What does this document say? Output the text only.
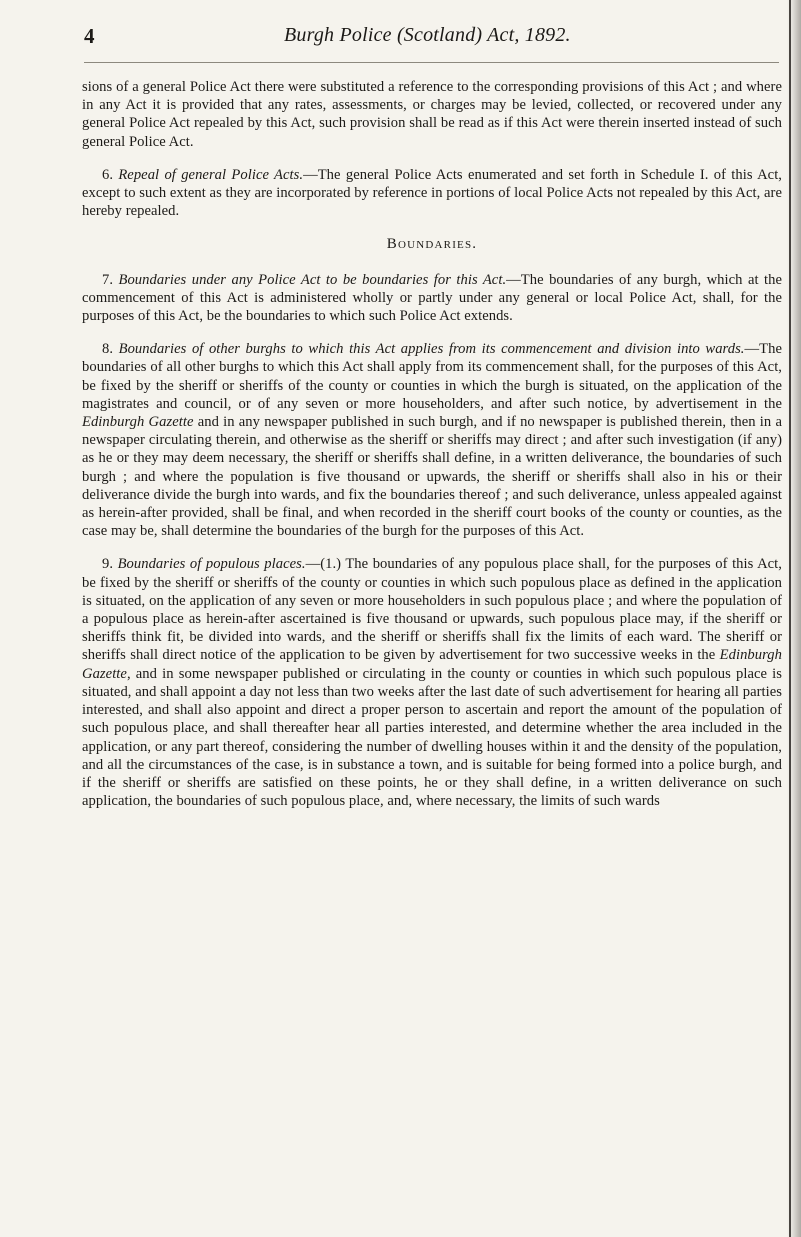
4	Burgh Police (Scotland) Act, 1892.

sions of a general Police Act there were substituted a reference to the corresponding provisions of this Act ; and where in any Act it is provided that any rates, assessments, or charges may be levied, collected, or recovered under any general Police Act repealed by this Act, such provision shall be read as if this Act were therein inserted instead of such general Police Act.

6. Repeal of general Police Acts.—The general Police Acts enumerated and set forth in Schedule I. of this Act, except to such extent as they are incorporated by reference in portions of local Police Acts not repealed by this Act, are hereby repealed.

Boundaries.

7. Boundaries under any Police Act to be boundaries for this Act.—The boundaries of any burgh, which at the commencement of this Act is administered wholly or partly under any general or local Police Act, shall, for the purposes of this Act, be the boundaries to which such Police Act extends.

8. Boundaries of other burghs to which this Act applies from its commencement and division into wards.—The boundaries of all other burghs to which this Act shall apply from its commencement shall, for the purposes of this Act, be fixed by the sheriff or sheriffs of the county or counties in which the burgh is situated, on the application of the magistrates and council, or of any seven or more householders, and after such notice, by advertisement in the Edinburgh Gazette and in any newspaper published in such burgh, and if no newspaper is published therein, then in a newspaper circulating therein, and otherwise as the sheriff or sheriffs may direct ; and after such investigation (if any) as he or they may deem necessary, the sheriff or sheriffs shall define, in a written deliverance, the boundaries of such burgh ; and where the population is five thousand or upwards, the sheriff or sheriffs shall also in his or their deliverance divide the burgh into wards, and fix the boundaries thereof ; and such deliverance, unless appealed against as herein-after provided, shall be final, and when recorded in the sheriff court books of the county or counties, as the case may be, shall determine the boundaries of the burgh for the purposes of this Act.

9. Boundaries of populous places.—(1.) The boundaries of any populous place shall, for the purposes of this Act, be fixed by the sheriff or sheriffs of the county or counties in which such populous place as defined in the application is situated, on the application of any seven or more householders in such populous place ; and where the population of a populous place as herein-after ascertained is five thousand or upwards, such populous place may, if the sheriff or sheriffs think fit, be divided into wards, and the sheriff or sheriffs shall fix the limits of each ward. The sheriff or sheriffs shall direct notice of the application to be given by advertisement for two successive weeks in the Edinburgh Gazette, and in some newspaper published or circulating in the county or counties in which such populous place is situated, and shall appoint a day not less than two weeks after the last date of such advertisement for hearing all parties interested, and shall also appoint and direct a proper person to ascertain and report the amount of the population of such populous place, and shall thereafter hear all parties interested, and determine whether the area included in the application, or any part thereof, considering the number of dwelling houses within it and the density of the population, and all the circumstances of the case, is in substance a town, and is suitable for being formed into a police burgh, and if the sheriff or sheriffs are satisfied on these points, he or they shall define, in a written deliverance on such application, the boundaries of such populous place, and, where necessary, the limits of such wards
